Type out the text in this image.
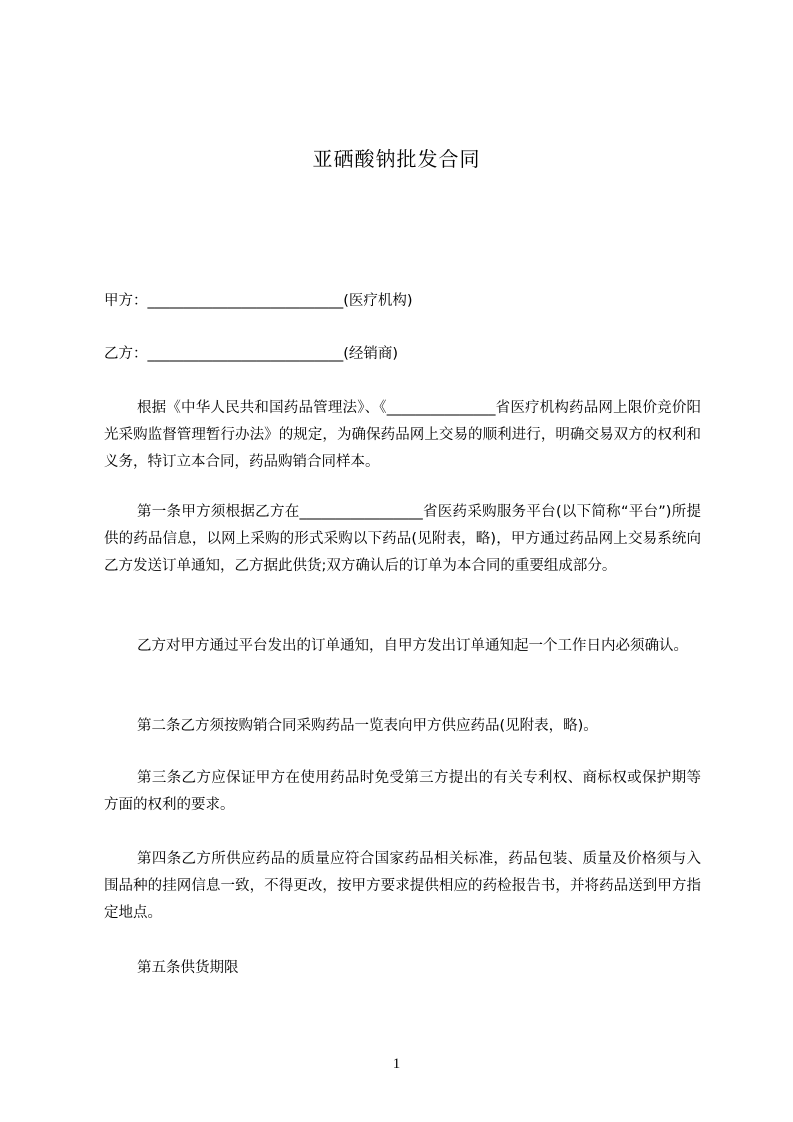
亚硒酸钠批发合同
甲方：___________________________(医疗机构)
乙方：___________________________(经销商)
根据《中华人民共和国药品管理法》、《_______________省医疗机构药品网上限价竞价阳光采购监督管理暂行办法》的规定，为确保药品网上交易的顺利进行，明确交易双方的权利和义务，特订立本合同，药品购销合同样本。
第一条甲方须根据乙方在_________________省医药采购服务平台(以下简称“平台”)所提供的药品信息，以网上采购的形式采购以下药品(见附表，略)，甲方通过药品网上交易系统向乙方发送订单通知，乙方据此供货;双方确认后的订单为本合同的重要组成部分。
乙方对甲方通过平台发出的订单通知，自甲方发出订单通知起一个工作日内必须确认。
第二条乙方须按购销合同采购药品一览表向甲方供应药品(见附表，略)。
第三条乙方应保证甲方在使用药品时免受第三方提出的有关专利权、商标权或保护期等方面的权利的要求。
第四条乙方所供应药品的质量应符合国家药品相关标准，药品包装、质量及价格须与入围品种的挂网信息一致，不得更改，按甲方要求提供相应的药检报告书，并将药品送到甲方指定地点。
第五条供货期限
1
